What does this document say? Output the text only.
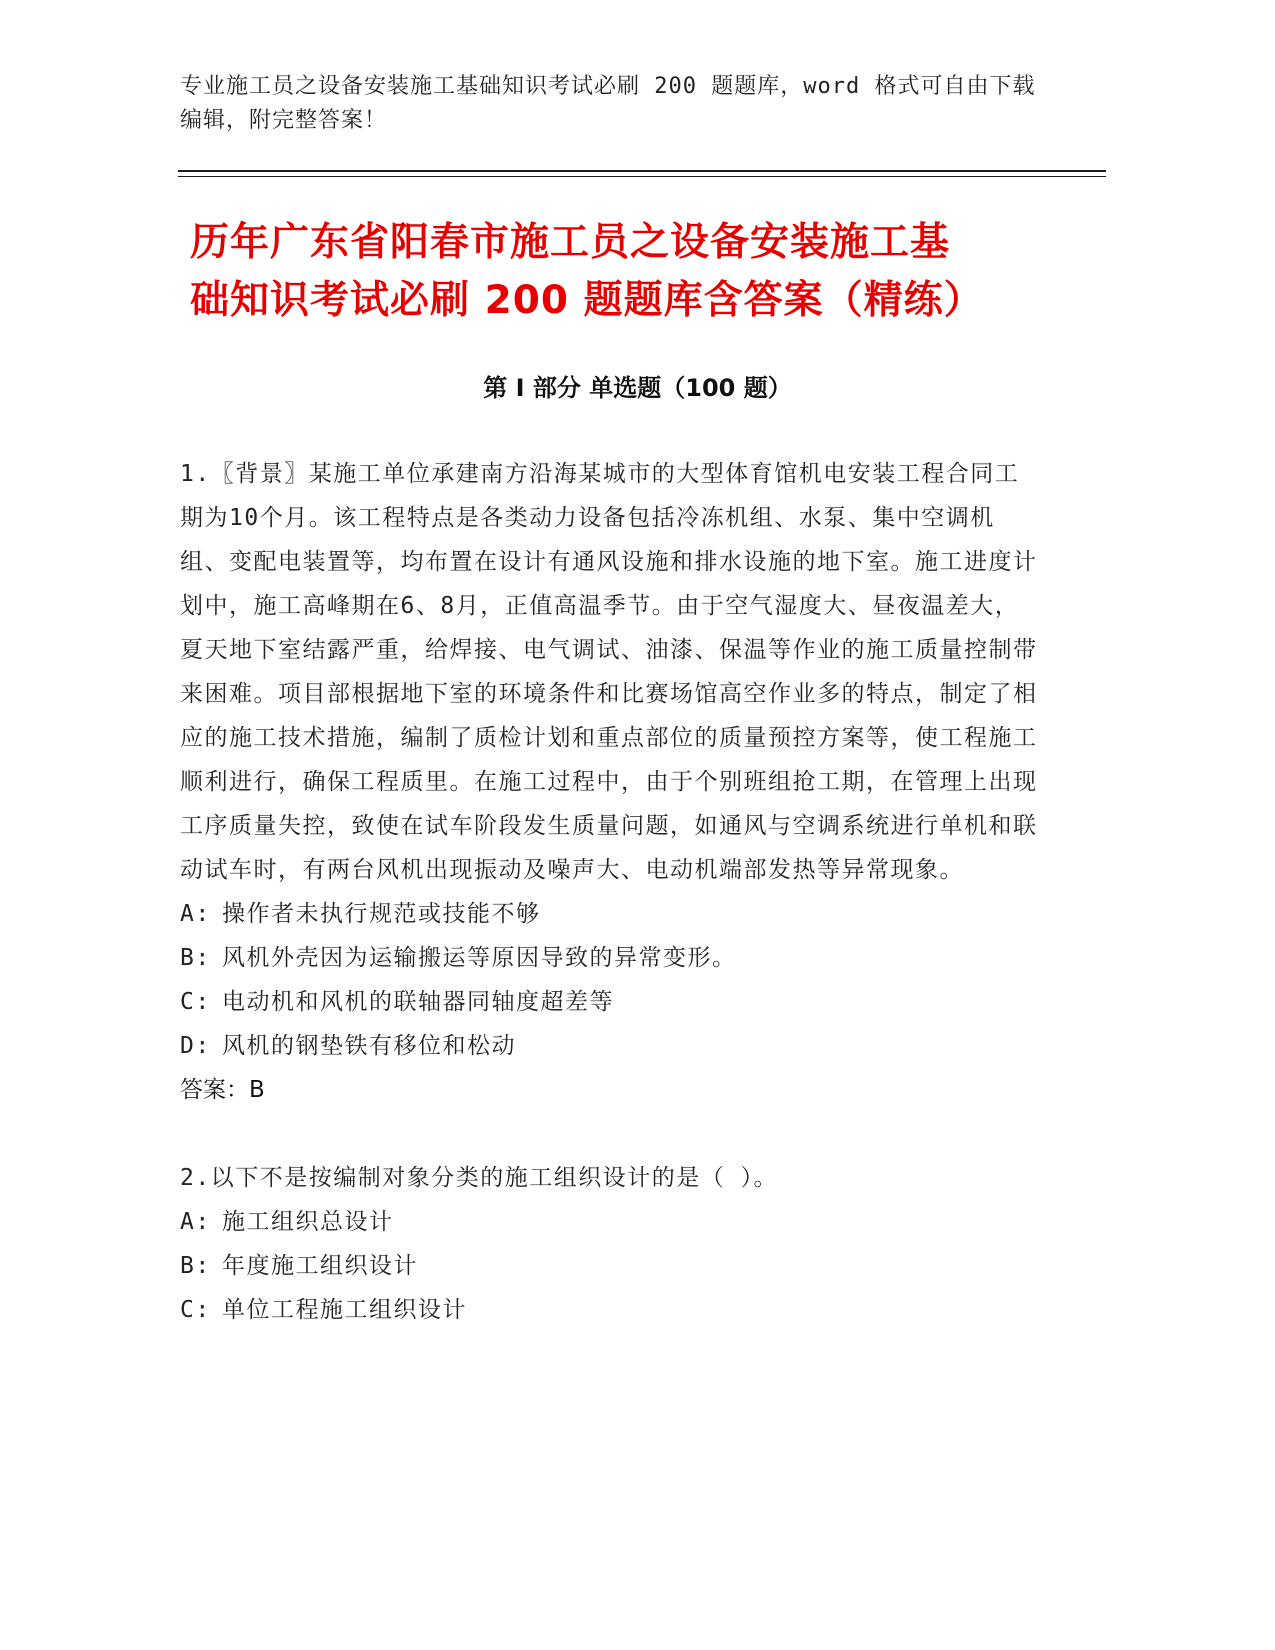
专业施工员之设备安装施工基础知识考试必刷 200 题题库，word 格式可自由下载
编辑，附完整答案！
历年广东省阳春市施工员之设备安装施工基
础知识考试必刷 200 题题库含答案（精练）
第 I 部分 单选题（100 题）

1.〖背景〗某施工单位承建南方沿海某城市的大型体育馆机电安装工程合同工期为10个月。该工程特点是各类动力设备包括冷冻机组、水泵、集中空调机组、变配电装置等，均布置在设计有通风设施和排水设施的地下室。施工进度计划中，施工高峰期在6、8月，正值高温季节。由于空气湿度大、昼夜温差大，夏天地下室结露严重，给焊接、电气调试、油漆、保温等作业的施工质量控制带来困难。项目部根据地下室的环境条件和比赛场馆高空作业多的特点，制定了相应的施工技术措施，编制了质检计划和重点部位的质量预控方案等，使工程施工顺利进行，确保工程质里。在施工过程中，由于个别班组抢工期，在管理上出现工序质量失控，致使在试车阶段发生质量问题，如通风与空调系统进行单机和联动试车时，有两台风机出现振动及噪声大、电动机端部发热等异常现象。

A: 操作者未执行规范或技能不够
B: 风机外壳因为运输搬运等原因导致的异常变形。
C: 电动机和风机的联轴器同轴度超差等
D: 风机的钢垫铁有移位和松动

答案：B

2.以下不是按编制对象分类的施工组织设计的是（ ）。

A: 施工组织总设计
B: 年度施工组织设计
C: 单位工程施工组织设计
